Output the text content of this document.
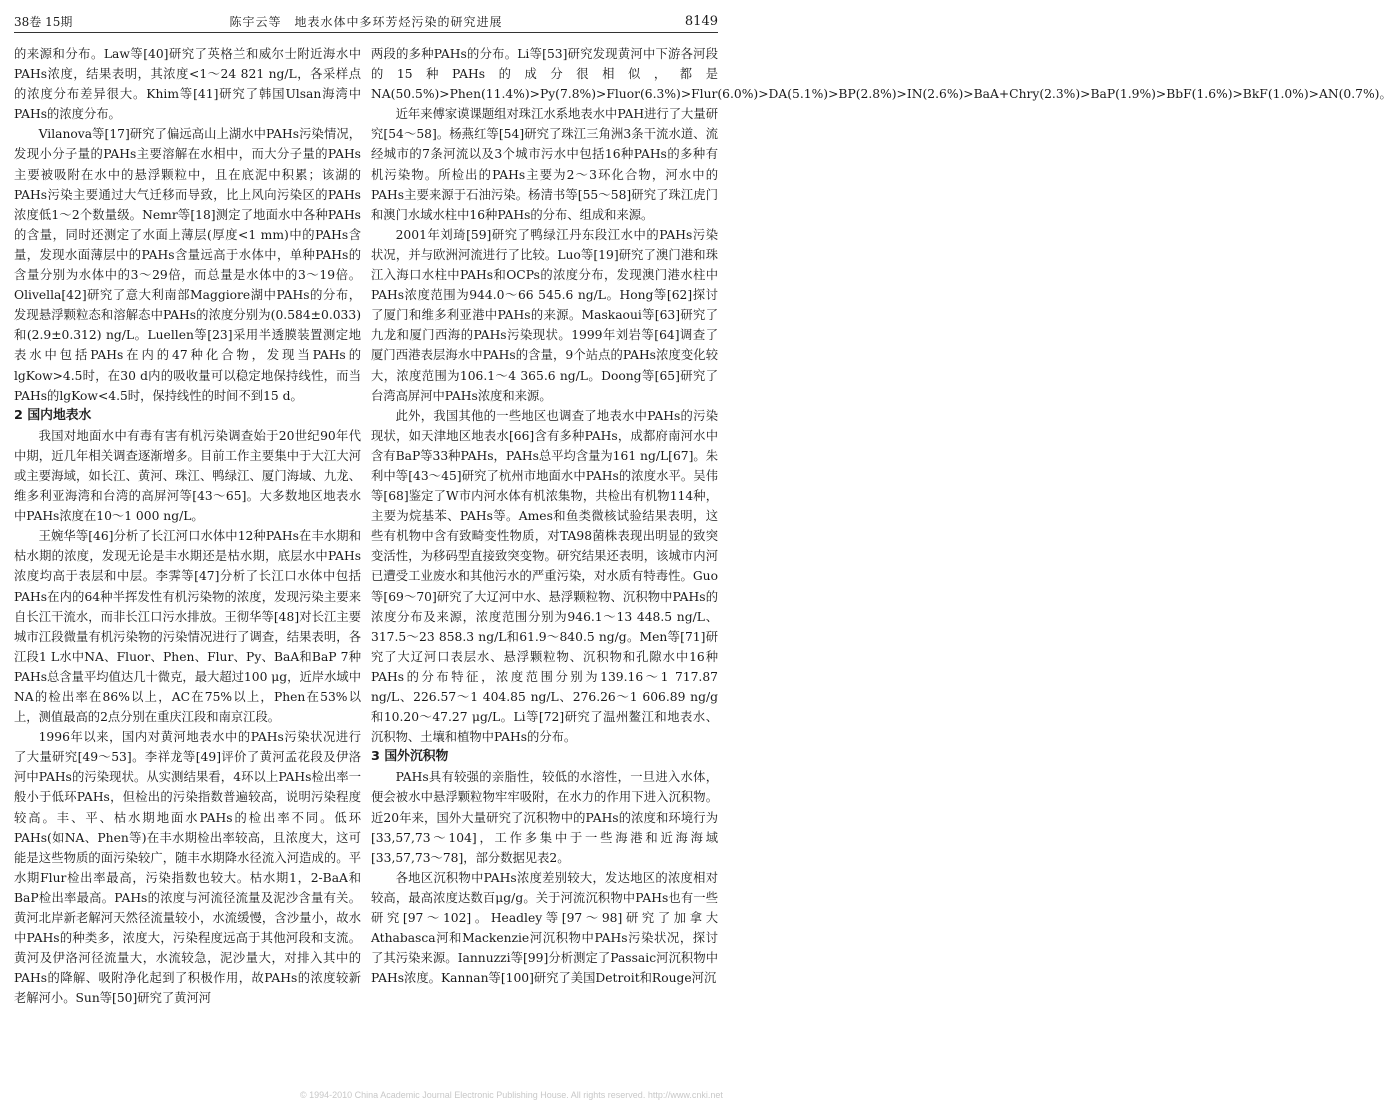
38卷 15期	陈宇云等　地表水体中多环芳烃污染的研究进展	8149

的来源和分布。Law等[40]研究了英格兰和威尔士附近海水中PAHs浓度，结果表明，其浓度<1～24 821 ng/L，各采样点的浓度分布差异很大。Khim等[41]研究了韩国Ulsan海湾中PAHs的浓度分布。

Vilanova等[17]研究了偏远高山上湖水中PAHs污染情况，发现小分子量的PAHs主要溶解在水相中，而大分子量的PAHs主要被吸附在水中的悬浮颗粒中，且在底泥中积累；该湖的PAHs污染主要通过大气迁移而导致，比上风向污染区的PAHs浓度低1～2个数量级。Nemr等[18]测定了地面水中各种PAHs的含量，同时还测定了水面上薄层(厚度<1 mm)中的PAHs含量，发现水面薄层中的PAHs含量远高于水体中，单种PAHs的含量分别为水体中的3～29倍，而总量是水体中的3～19倍。Olivella[42]研究了意大利南部Maggiore湖中PAHs的分布，发现悬浮颗粒态和溶解态中PAHs的浓度分别为(0.584±0.033)和(2.9±0.312) ng/L。Luellen等[23]采用半透膜装置测定地表水中包括PAHs在内的47种化合物，发现当PAHs的lgKow>4.5时，在30 d内的吸收量可以稳定地保持线性，而当PAHs的lgKow<4.5时，保持线性的时间不到15 d。

2 国内地表水

我国对地面水中有毒有害有机污染调查始于20世纪90年代中期，近几年相关调查逐渐增多。目前工作主要集中于大江大河或主要海域，如长江、黄河、珠江、鸭绿江、厦门海域、九龙、维多利亚海湾和台湾的高屏河等[43～65]。大多数地区地表水中PAHs浓度在10～1 000 ng/L。

王婉华等[46]分析了长江河口水体中12种PAHs在丰水期和枯水期的浓度，发现无论是丰水期还是枯水期，底层水中PAHs浓度均高于表层和中层。李霁等[47]分析了长江口水体中包括PAHs在内的64种半挥发性有机污染物的浓度，发现污染主要来自长江干流水，而非长江口污水排放。王彻华等[48]对长江主要城市江段微量有机污染物的污染情况进行了调查，结果表明，各江段1 L水中NA、Fluor、Phen、Flur、Py、BaA和BaP 7种PAHs总含量平均值达几十微克，最大超过100 μg，近岸水域中NA的检出率在86%以上，AC在75%以上，Phen在53%以上，测值最高的2点分别在重庆江段和南京江段。

1996年以来，国内对黄河地表水中的PAHs污染状况进行了大量研究[49～53]。李祥龙等[49]评价了黄河孟花段及伊洛河中PAHs的污染现状。从实测结果看，4环以上PAHs检出率一般小于低环PAHs，但检出的污染指数普遍较高，说明污染程度较高。丰、平、枯水期地面水PAHs的检出率不同。低环PAHs(如NA、Phen等)在丰水期检出率较高，且浓度大，这可能是这些物质的面污染较广，随丰水期降水径流入河造成的。平水期Flur检出率最高，污染指数也较大。枯水期1，2-BaA和BaP检出率最高。PAHs的浓度与河流径流量及泥沙含量有关。黄河北岸新老解河天然径流量较小，水流缓慢，含沙量小，故水中PAHs的种类多，浓度大，污染程度远高于其他河段和支流。黄河及伊洛河径流量大，水流较急，泥沙量大，对排入其中的PAHs的降解、吸附净化起到了积极作用，故PAHs的浓度较新老解河小。Sun等[50]研究了黄河河

两段的多种PAHs的分布。Li等[53]研究发现黄河中下游各河段的15种PAHs的成分很相似，都是NA(50.5%)>Phen(11.4%)>Py(7.8%)>Fluor(6.3%)>Flur(6.0%)>DA(5.1%)>BP(2.8%)>IN(2.6%)>BaA+Chry(2.3%)>BaP(1.9%)>BbF(1.6%)>BkF(1.0%)>AN(0.7%)。

近年来傅家谟课题组对珠江水系地表水中PAH进行了大量研究[54～58]。杨燕红等[54]研究了珠江三角洲3条干流水道、流经城市的7条河流以及3个城市污水中包括16种PAHs的多种有机污染物。所检出的PAHs主要为2～3环化合物，河水中的PAHs主要来源于石油污染。杨清书等[55～58]研究了珠江虎门和澳门水域水柱中16种PAHs的分布、组成和来源。

2001年刘琦[59]研究了鸭绿江丹东段江水中的PAHs污染状况，并与欧洲河流进行了比较。Luo等[19]研究了澳门港和珠江入海口水柱中PAHs和OCPs的浓度分布，发现澳门港水柱中PAHs浓度范围为944.0～66 545.6 ng/L。Hong等[62]探讨了厦门和维多利亚港中PAHs的来源。Maskaoui等[63]研究了九龙和厦门西海的PAHs污染现状。1999年刘岩等[64]调查了厦门西港表层海水中PAHs的含量，9个站点的PAHs浓度变化较大，浓度范围为106.1～4 365.6 ng/L。Doong等[65]研究了台湾高屏河中PAHs浓度和来源。

此外，我国其他的一些地区也调查了地表水中PAHs的污染现状，如天津地区地表水[66]含有多种PAHs，成都府南河水中含有BaP等33种PAHs，PAHs总平均含量为161 ng/L[67]。朱利中等[43～45]研究了杭州市地面水中PAHs的浓度水平。吴伟等[68]鉴定了W市内河水体有机浓集物，共检出有机物114种，主要为烷基苯、PAHs等。Ames和鱼类微核试验结果表明，这些有机物中含有致畸变性物质，对TA98菌株表现出明显的致突变活性，为移码型直接致突变物。研究结果还表明，该城市内河已遭受工业废水和其他污水的严重污染，对水质有特毒性。Guo等[69～70]研究了大辽河中水、悬浮颗粒物、沉积物中PAHs的浓度分布及来源，浓度范围分别为946.1～13 448.5 ng/L、317.5～23 858.3 ng/L和61.9～840.5 ng/g。Men等[71]研究了大辽河口表层水、悬浮颗粒物、沉积物和孔隙水中16种PAHs的分布特征，浓度范围分别为139.16～1 717.87 ng/L、226.57～1 404.85 ng/L、276.26～1 606.89 ng/g和10.20～47.27 μg/L。Li等[72]研究了温州鳌江和地表水、沉积物、土壤和植物中PAHs的分布。

3 国外沉积物

PAHs具有较强的亲脂性，较低的水溶性，一旦进入水体，便会被水中悬浮颗粒物牢牢吸附，在水力的作用下进入沉积物。近20年来，国外大量研究了沉积物中的PAHs的浓度和环境行为[33,57,73～104]，工作多集中于一些海港和近海海域[33,57,73～78]，部分数据见表2。

各地区沉积物中PAHs浓度差别较大，发达地区的浓度相对较高，最高浓度达数百μg/g。关于河流沉积物中PAHs也有一些研究[97～102]。Headley等[97～98]研究了加拿大Athabasca河和Mackenzie河沉积物中PAHs污染状况，探讨了其污染来源。Iannuzzi等[99]分析测定了Passaic河沉积物中PAHs浓度。Kannan等[100]研究了美国Detroit和Rouge河沉

© 1994-2010 China Academic Journal Electronic Publishing House. All rights reserved. http://www.cnki.net
